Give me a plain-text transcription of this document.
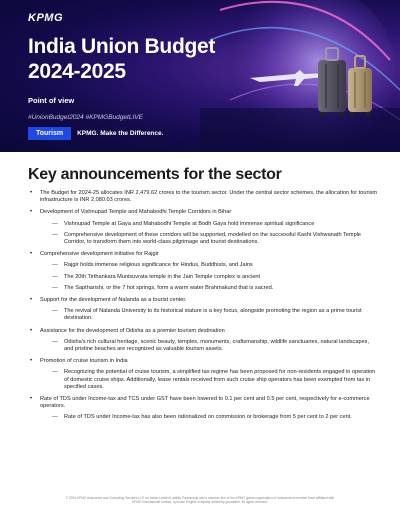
KPMG
India Union Budget
2024-2025
Point of view
#UnionBudget2024 #KPMGBudgetLIVE
Tourism	KPMG. Make the Difference.
Key announcements for the sector
• The Budget for 2024-25 allocates INR 2,479.62 crores to the tourism sector. Under the central sector schemes, the allocation for tourism infrastructure is INR 2,080.03 crores.
• Development of Vishnupad Temple and Mahabodhi Temple Corridors in Bihar
— Vishnupad Temple at Gaya and Mahabodhi Temple at Bodh Gaya hold immense spiritual significance
— Comprehensive development of these corridors will be supported, modelled on the successful Kashi Vishwanath Temple Corridor, to transform them into world-class pilgrimage and tourist destinations.
• Comprehensive development initiative for Rajgir
— Rajgir holds immense religious significance for Hindus, Buddhists, and Jains
— The 20th Tirthankara Munisuvrata temple in the Jain Temple complex is ancient
— The Saptharishi, or the 7 hot springs, form a warm water Brahmakund that is sacred.
• Support for the development of Nalanda as a tourist center.
— The revival of Nalanda University to its historical stature is a key focus, alongside promoting the region as a prime tourist destination.
• Assistance for the development of Odisha as a premier tourism destination
— Odisha's rich cultural heritage, scenic beauty, temples, monuments, craftsmanship, wildlife sanctuaries, natural landscapes, and pristine beaches are recognized as valuable tourism assets.
• Promotion of cruise tourism in India
— Recognizing the potential of cruise tourism, a simplified tax regime has been proposed for non-residents engaged in operation of domestic cruise ships. Additionally, lease rentals received from such cruise ship operators has been exempted from tax in specified cases.
• Rate of TDS under Income-tax and TCS under GST have been lowered to 0.1 per cent and 0.5 per cent, respectively for e-commerce operators.
— Rate of TDS under Income-tax has also been rationalized on commission or brokerage from 5 per cent to 2 per cent.
© 2024 KPMG Assurance and Consulting Services LLP, an Indian Limited Liability Partnership and a member firm of the KPMG global organization of independent member firms affiliated with
KPMG International Limited, a private English company limited by guarantee. All rights reserved.
